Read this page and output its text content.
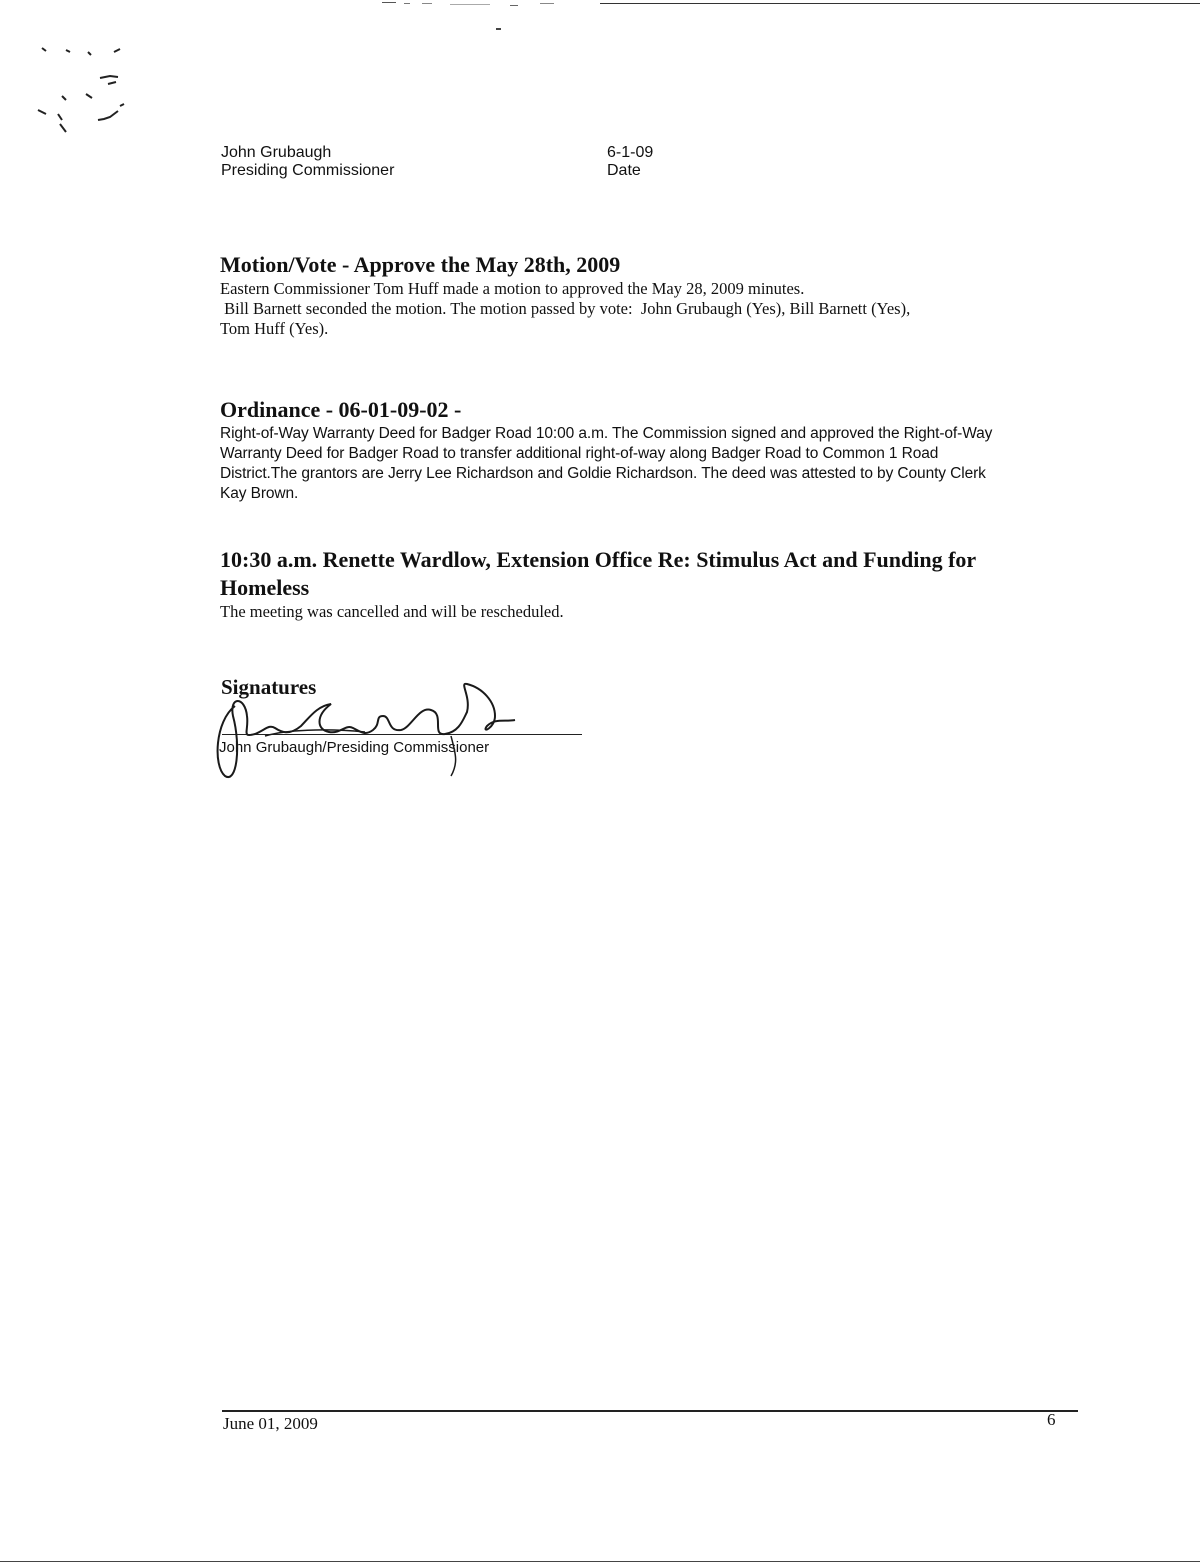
John Grubaugh
Presiding Commissioner
6-1-09
Date
Motion/Vote - Approve the May 28th, 2009

Eastern Commissioner Tom Huff made a motion to approved the May 28, 2009 minutes.

Bill Barnett seconded the motion. The motion passed by vote:  John Grubaugh (Yes), Bill Barnett (Yes),

Tom Huff (Yes).

Ordinance - 06-01-09-02 -

Right-of-Way Warranty Deed for Badger Road 10:00 a.m. The Commission signed and approved the Right-of-Way

Warranty Deed for Badger Road to transfer additional right-of-way along Badger Road to Common 1 Road

District.The grantors are Jerry Lee Richardson and Goldie Richardson. The deed was attested to by County Clerk

Kay Brown.

10:30 a.m. Renette Wardlow, Extension Office Re: Stimulus Act and Funding for
Homeless

The meeting was cancelled and will be rescheduled.

Signatures
John Grubaugh/Presiding Commissioner
June 01, 2009	6
